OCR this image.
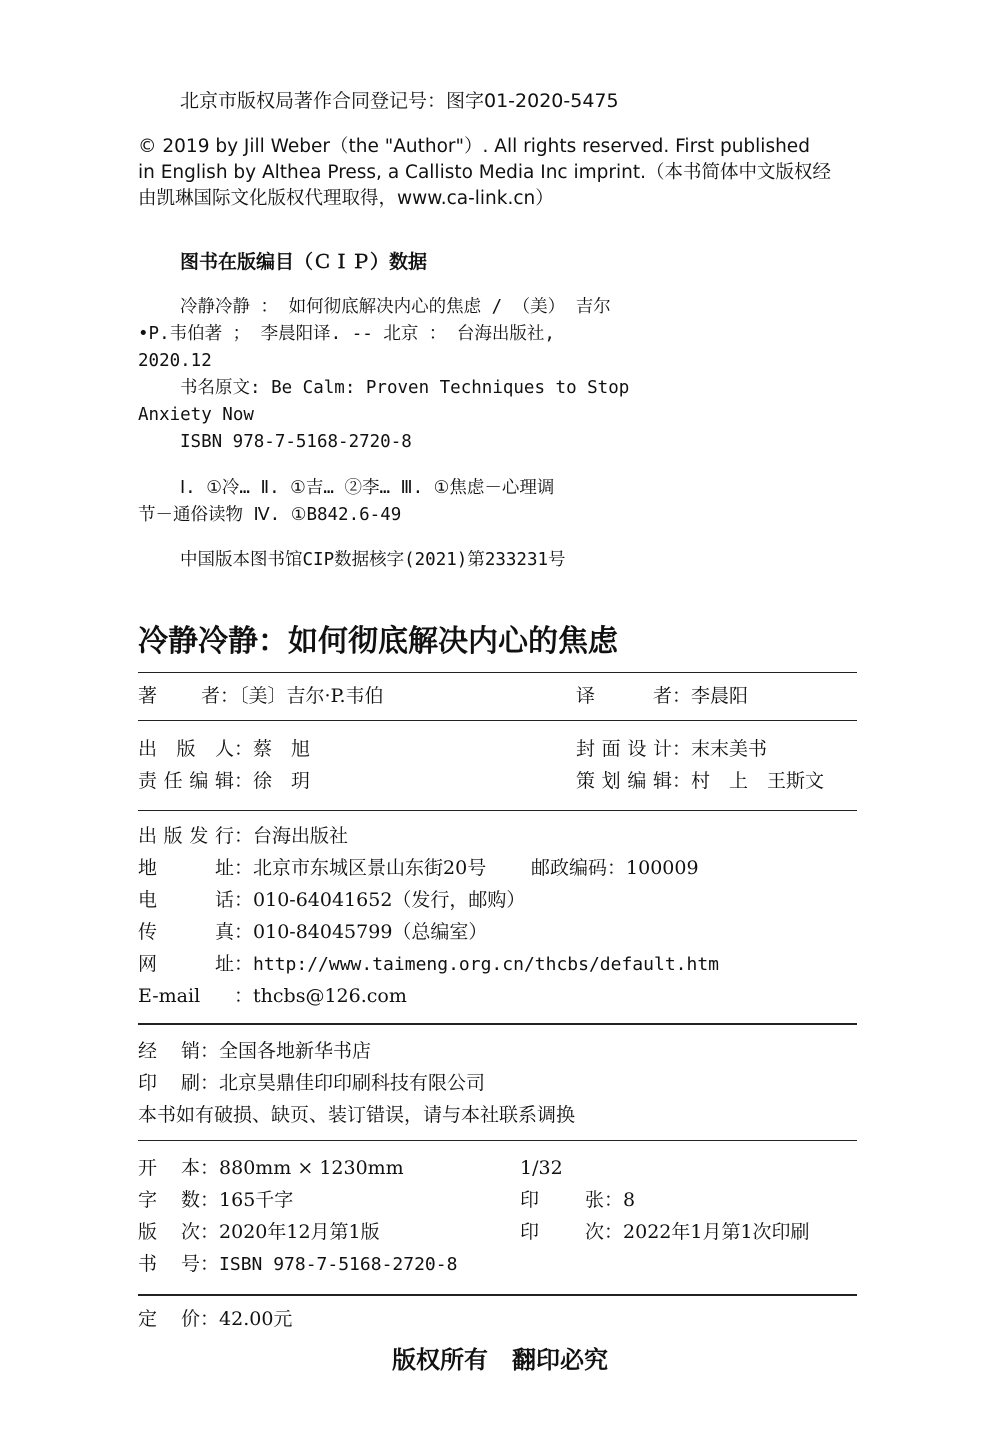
北京市版权局著作合同登记号：图字01-2020-5475
© 2019 by Jill Weber（the "Author"）. All rights reserved. First published
in English by Althea Press, a Callisto Media Inc imprint.（本书简体中文版权经
由凯琳国际文化版权代理取得，www.ca-link.cn）
图书在版编目（ＣＩＰ）数据
冷静冷静 ： 如何彻底解决内心的焦虑 / （美） 吉尔
•P.韦伯著 ； 李晨阳译. -- 北京 ： 台海出版社,
2020.12
书名原文: Be Calm: Proven Techniques to Stop
Anxiety Now
ISBN 978-7-5168-2720-8
Ⅰ. ①冷… Ⅱ. ①吉… ②李… Ⅲ. ①焦虑－心理调
节－通俗读物 Ⅳ. ①B842.6-49
中国版本图书馆CIP数据核字(2021)第233231号
冷静冷静：如何彻底解决内心的焦虑
著者：〔美〕吉尔·P.韦伯	译者：李晨阳
出版人：蔡　旭	封面设计：末末美书
责任编辑：徐　玥	策划编辑：村　上　王斯文
出版发行：台海出版社
地址：北京市东城区景山东街20号 邮政编码：100009
电话：010-64041652（发行，邮购）
传真：010-84045799（总编室）
网址：http://www.taimeng.org.cn/thcbs/default.htm
E-mail ：thcbs@126.com
经销：全国各地新华书店
印刷：北京昊鼎佳印印刷科技有限公司
本书如有破损、缺页、装订错误，请与本社联系调换
开本：880mm × 1230mm	1/32
字数：165千字	印张：8
版次：2020年12月第1版	印次：2022年1月第1次印刷
书号：ISBN 978-7-5168-2720-8
定价：42.00元
版权所有　翻印必究
